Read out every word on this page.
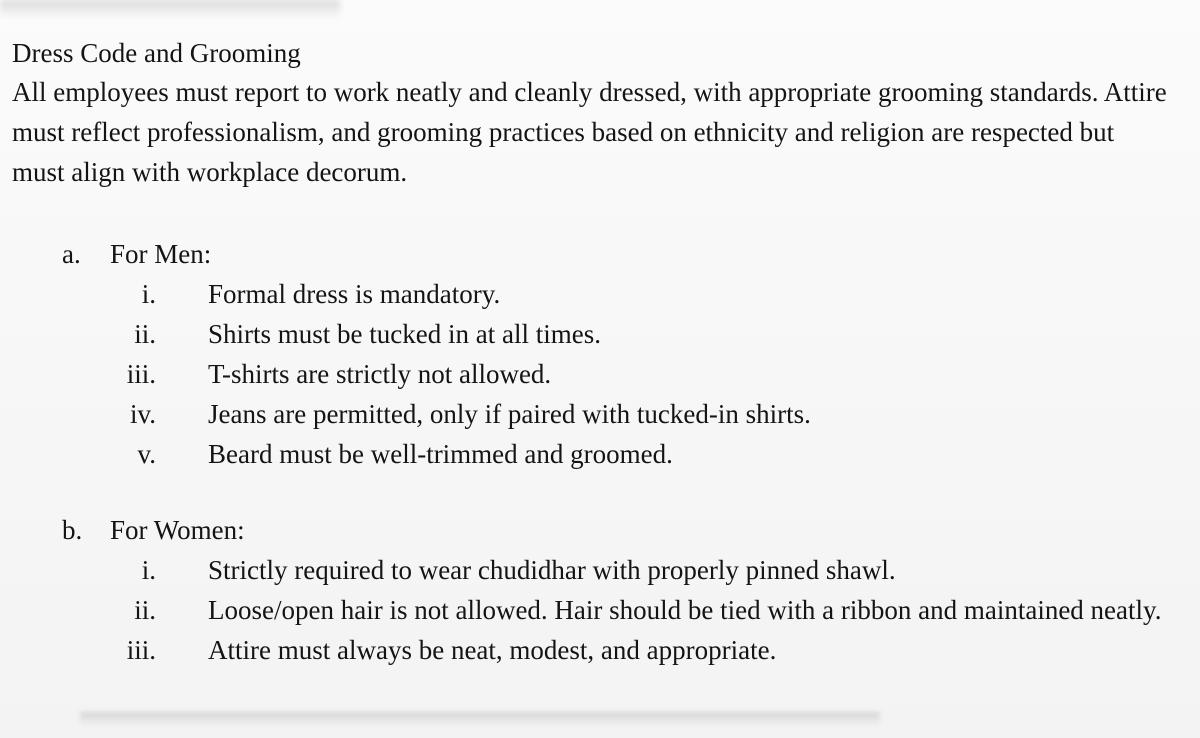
Dress Code and Grooming

All employees must report to work neatly and cleanly dressed, with appropriate grooming standards. Attire must reflect professionalism, and grooming practices based on ethnicity and religion are respected but must align with workplace decorum.

a. For Men:
i. Formal dress is mandatory.
ii. Shirts must be tucked in at all times.
iii. T-shirts are strictly not allowed.
iv. Jeans are permitted, only if paired with tucked-in shirts.
v. Beard must be well-trimmed and groomed.
b. For Women:
i. Strictly required to wear chudidhar with properly pinned shawl.
ii. Loose/open hair is not allowed. Hair should be tied with a ribbon and maintained neatly.
iii. Attire must always be neat, modest, and appropriate.
